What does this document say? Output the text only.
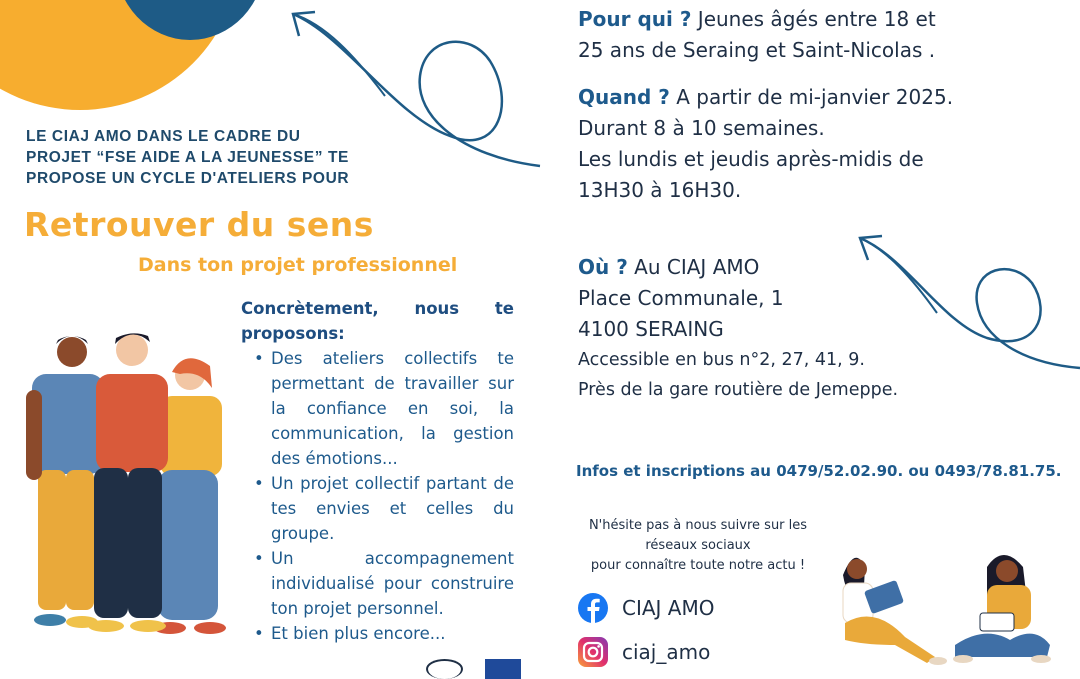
LE CIAJ AMO DANS LE CADRE DU
PROJET “FSE AIDE A LA JEUNESSE” TE
PROPOSE UN CYCLE D'ATELIERS POUR
Retrouver du sens
Dans ton projet professionnel
Concrètement, nous te
proposons:
• Des ateliers collectifs te permettant de travailler sur la confiance en soi, la communication, la gestion des émotions...
• Un projet collectif partant de tes envies et celles du groupe.
• Un accompagnement individualisé pour construire ton projet personnel.
• Et bien plus encore...
Pour qui ? Jeunes âgés entre 18 et 25 ans de Seraing et Saint-Nicolas .
Quand ? A partir de mi-janvier 2025.
Durant 8 à 10 semaines.
Les lundis et jeudis après-midis de 13H30 à 16H30.
Où ? Au CIAJ AMO
Place Communale, 1
4100 SERAING
Accessible en bus n°2, 27, 41, 9.
Près de la gare routière de Jemeppe.
Infos et inscriptions au 0479/52.02.90. ou 0493/78.81.75.
N'hésite pas à nous suivre sur les
réseaux sociaux
pour connaître toute notre actu !
CIAJ AMO
ciaj_amo
